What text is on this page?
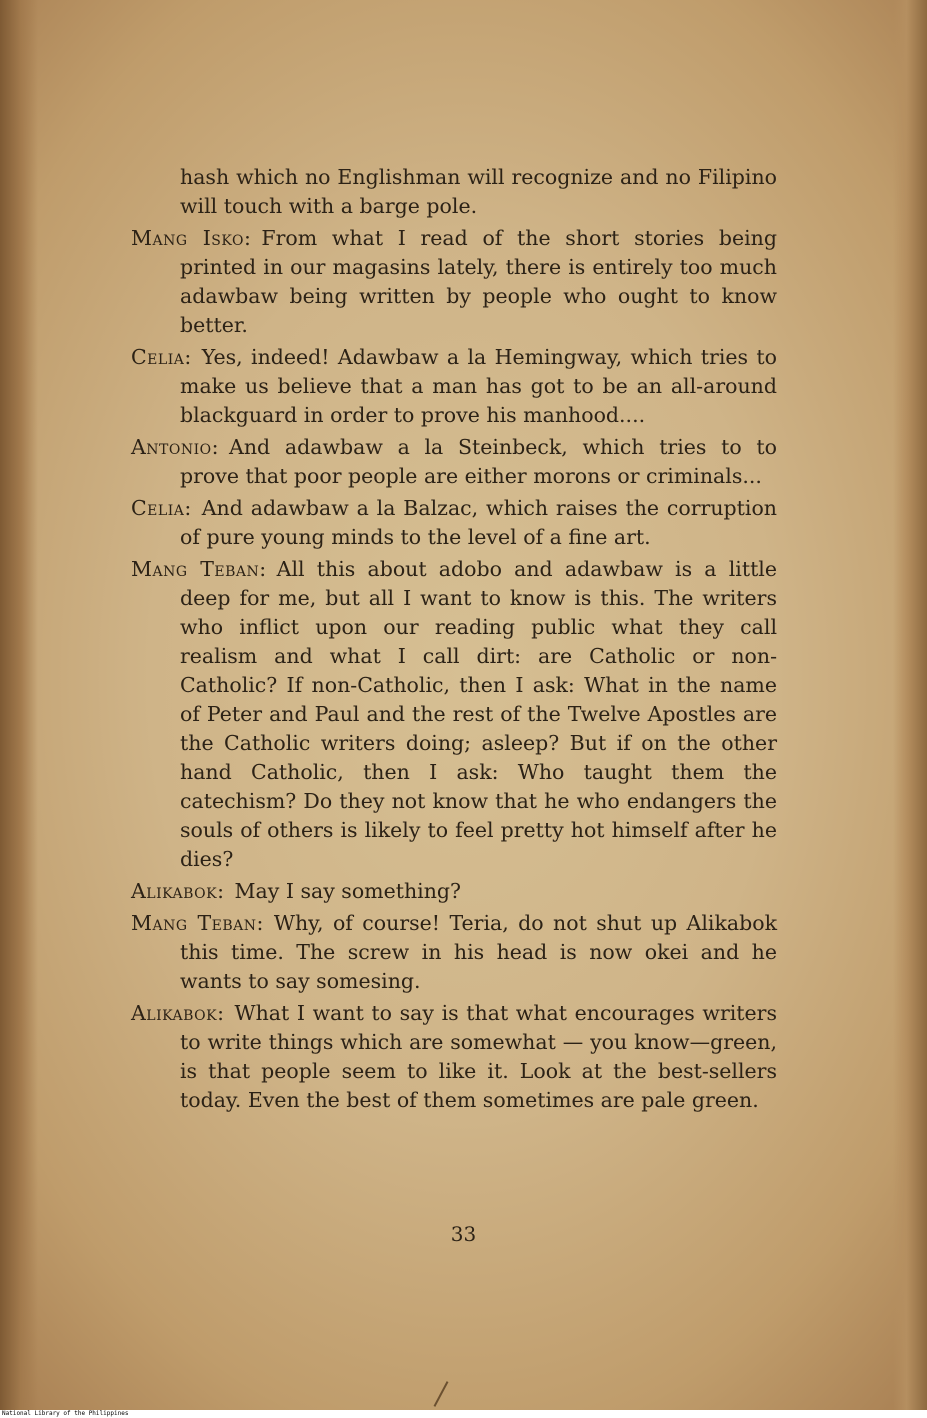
hash which no Englishman will recognize and no Filipino will touch with a barge pole.

Mang Isko: From what I read of the short stories being printed in our magasins lately, there is entirely too much adawbaw being written by people who ought to know better.

Celia: Yes, indeed! Adawbaw a la Hemingway, which tries to make us believe that a man has got to be an all-around blackguard in order to prove his manhood....

Antonio: And adawbaw a la Steinbeck, which tries to to prove that poor people are either morons or criminals...

Celia: And adawbaw a la Balzac, which raises the corruption of pure young minds to the level of a fine art.

Mang Teban: All this about adobo and adawbaw is a little deep for me, but all I want to know is this. The writers who inflict upon our reading public what they call realism and what I call dirt: are Catholic or non-Catholic? If non-Catholic, then I ask: What in the name of Peter and Paul and the rest of the Twelve Apostles are the Catholic writers doing; asleep? But if on the other hand Catholic, then I ask: Who taught them the catechism? Do they not know that he who endangers the souls of others is likely to feel pretty hot himself after he dies?

Alikabok: May I say something?

Mang Teban: Why, of course! Teria, do not shut up Alikabok this time. The screw in his head is now okei and he wants to say somesing.

Alikabok: What I want to say is that what encourages writers to write things which are somewhat — you know—green, is that people seem to like it. Look at the best-sellers today. Even the best of them sometimes are pale green.

33
National Library of the Philippines
